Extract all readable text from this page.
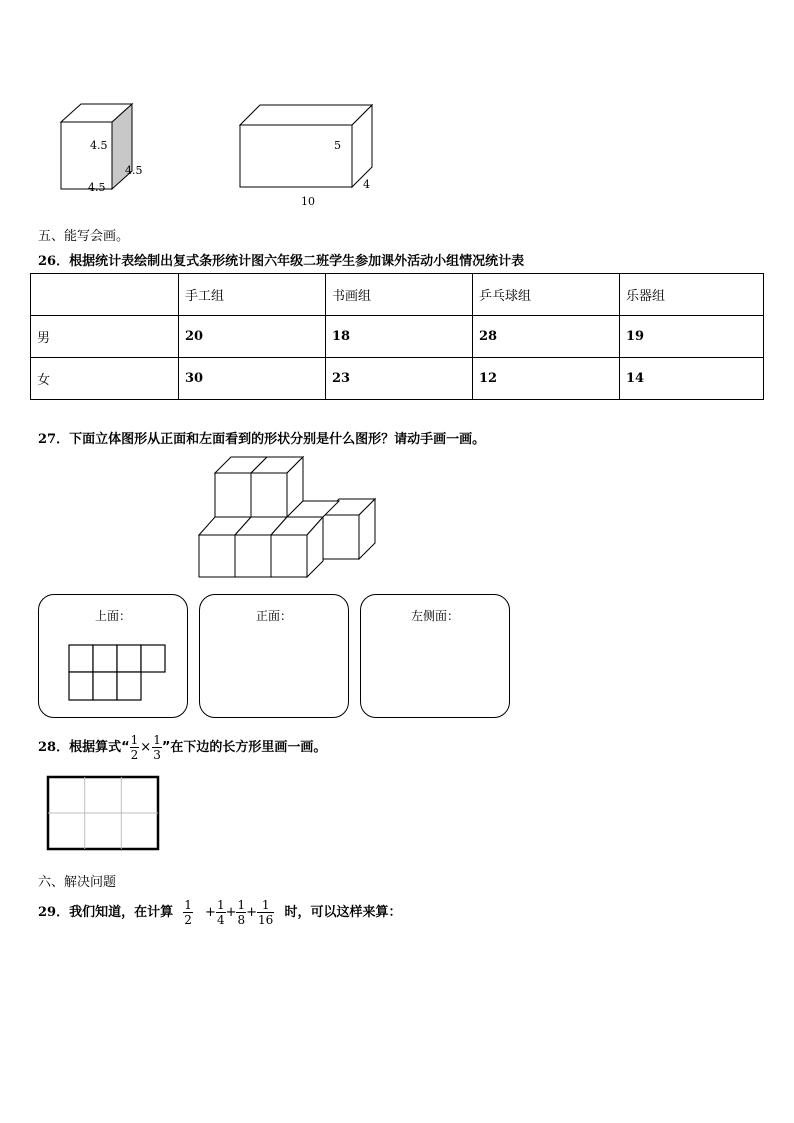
4.5
4.5
4.5
5
4
10
五、能写会画。
26．根据统计表绘制出复式条形统计图六年级二班学生参加课外活动小组情况统计表
	手工组	书画组	乒乓球组	乐器组
男	20	18	28	19
女	30	23	12	14
27．下面立体图形从正面和左面看到的形状分别是什么图形？请动手画一画。
上面：	正面：	左侧面：
28．根据算式“ $\frac{1}{2} \times \frac{1}{3}$ ”在下边的长方形里画一画。
六、解决问题
29．我们知道，在计算 $\frac{1}{2} + \frac{1}{4} + \frac{1}{8} + \frac{1}{16}$ 时，可以这样来算：
